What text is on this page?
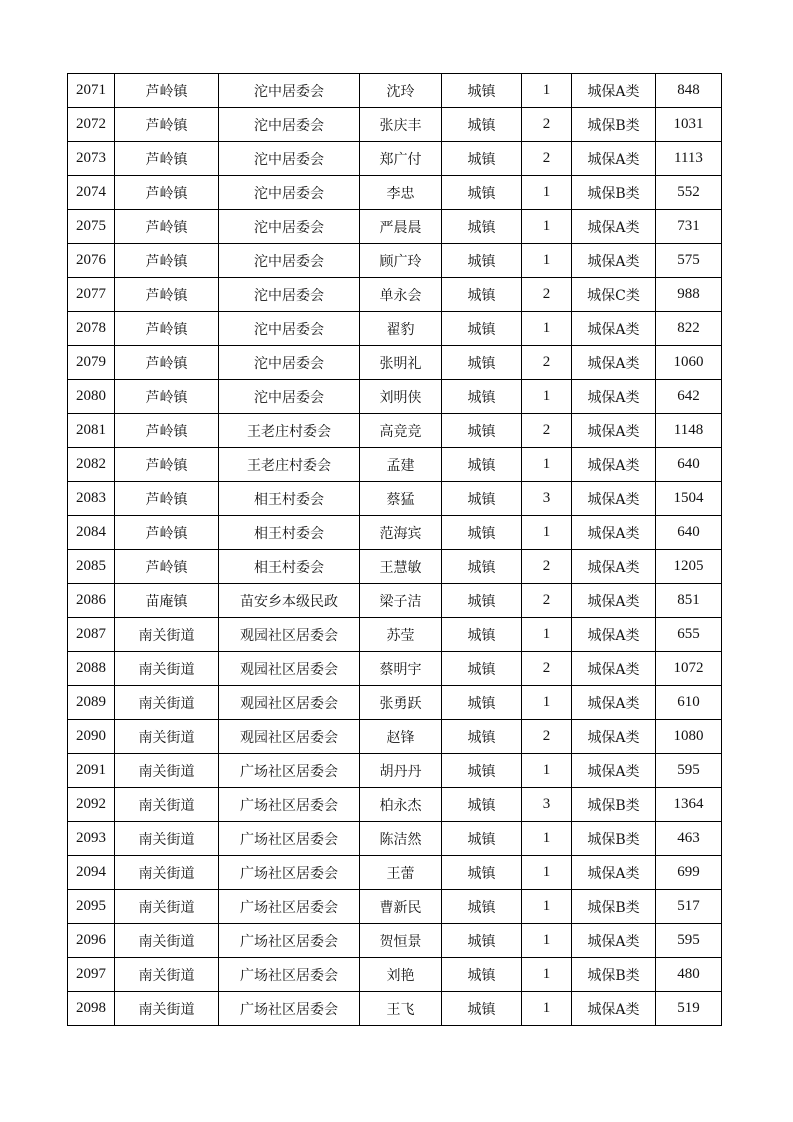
2071	芦岭镇	沱中居委会	沈玲	城镇	1	城保A类	848
2072	芦岭镇	沱中居委会	张庆丰	城镇	2	城保B类	1031
2073	芦岭镇	沱中居委会	郑广付	城镇	2	城保A类	1113
2074	芦岭镇	沱中居委会	李忠	城镇	1	城保B类	552
2075	芦岭镇	沱中居委会	严晨晨	城镇	1	城保A类	731
2076	芦岭镇	沱中居委会	顾广玲	城镇	1	城保A类	575
2077	芦岭镇	沱中居委会	单永会	城镇	2	城保C类	988
2078	芦岭镇	沱中居委会	翟豹	城镇	1	城保A类	822
2079	芦岭镇	沱中居委会	张明礼	城镇	2	城保A类	1060
2080	芦岭镇	沱中居委会	刘明侠	城镇	1	城保A类	642
2081	芦岭镇	王老庄村委会	高竞竞	城镇	2	城保A类	1148
2082	芦岭镇	王老庄村委会	孟建	城镇	1	城保A类	640
2083	芦岭镇	相王村委会	蔡猛	城镇	3	城保A类	1504
2084	芦岭镇	相王村委会	范海宾	城镇	1	城保A类	640
2085	芦岭镇	相王村委会	王慧敏	城镇	2	城保A类	1205
2086	苗庵镇	苗安乡本级民政	梁子洁	城镇	2	城保A类	851
2087	南关街道	观园社区居委会	苏莹	城镇	1	城保A类	655
2088	南关街道	观园社区居委会	蔡明宇	城镇	2	城保A类	1072
2089	南关街道	观园社区居委会	张勇跃	城镇	1	城保A类	610
2090	南关街道	观园社区居委会	赵锋	城镇	2	城保A类	1080
2091	南关街道	广场社区居委会	胡丹丹	城镇	1	城保A类	595
2092	南关街道	广场社区居委会	柏永杰	城镇	3	城保B类	1364
2093	南关街道	广场社区居委会	陈洁然	城镇	1	城保B类	463
2094	南关街道	广场社区居委会	王蕾	城镇	1	城保A类	699
2095	南关街道	广场社区居委会	曹新民	城镇	1	城保B类	517
2096	南关街道	广场社区居委会	贺恒景	城镇	1	城保A类	595
2097	南关街道	广场社区居委会	刘艳	城镇	1	城保B类	480
2098	南关街道	广场社区居委会	王飞	城镇	1	城保A类	519
